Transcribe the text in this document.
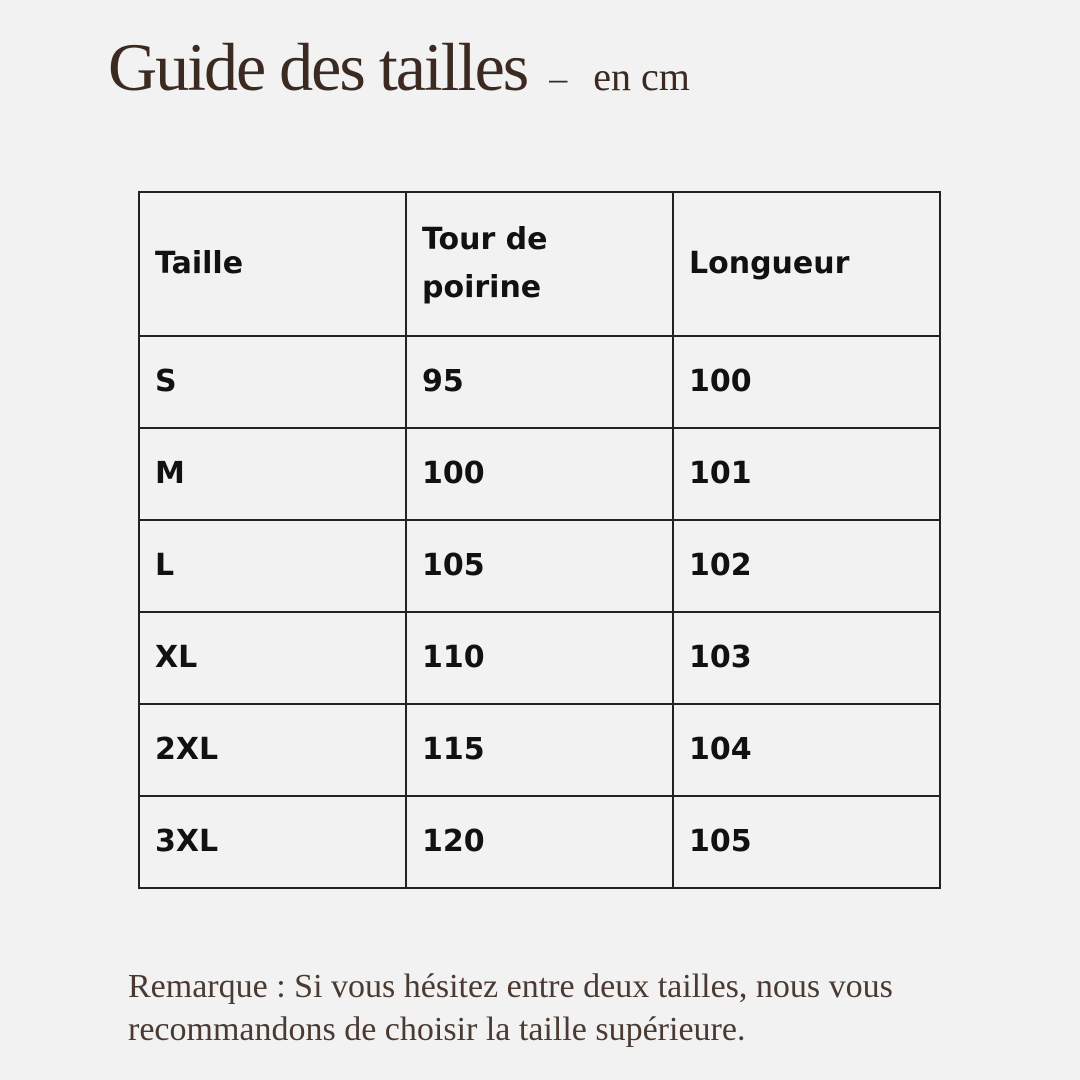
Guide des tailles – en cm
Taille	Tour de poirine	Longueur
S	95	100
M	100	101
L	105	102
XL	110	103
2XL	115	104
3XL	120	105
Remarque : Si vous hésitez entre deux tailles, nous vous recommandons de choisir la taille supérieure.
